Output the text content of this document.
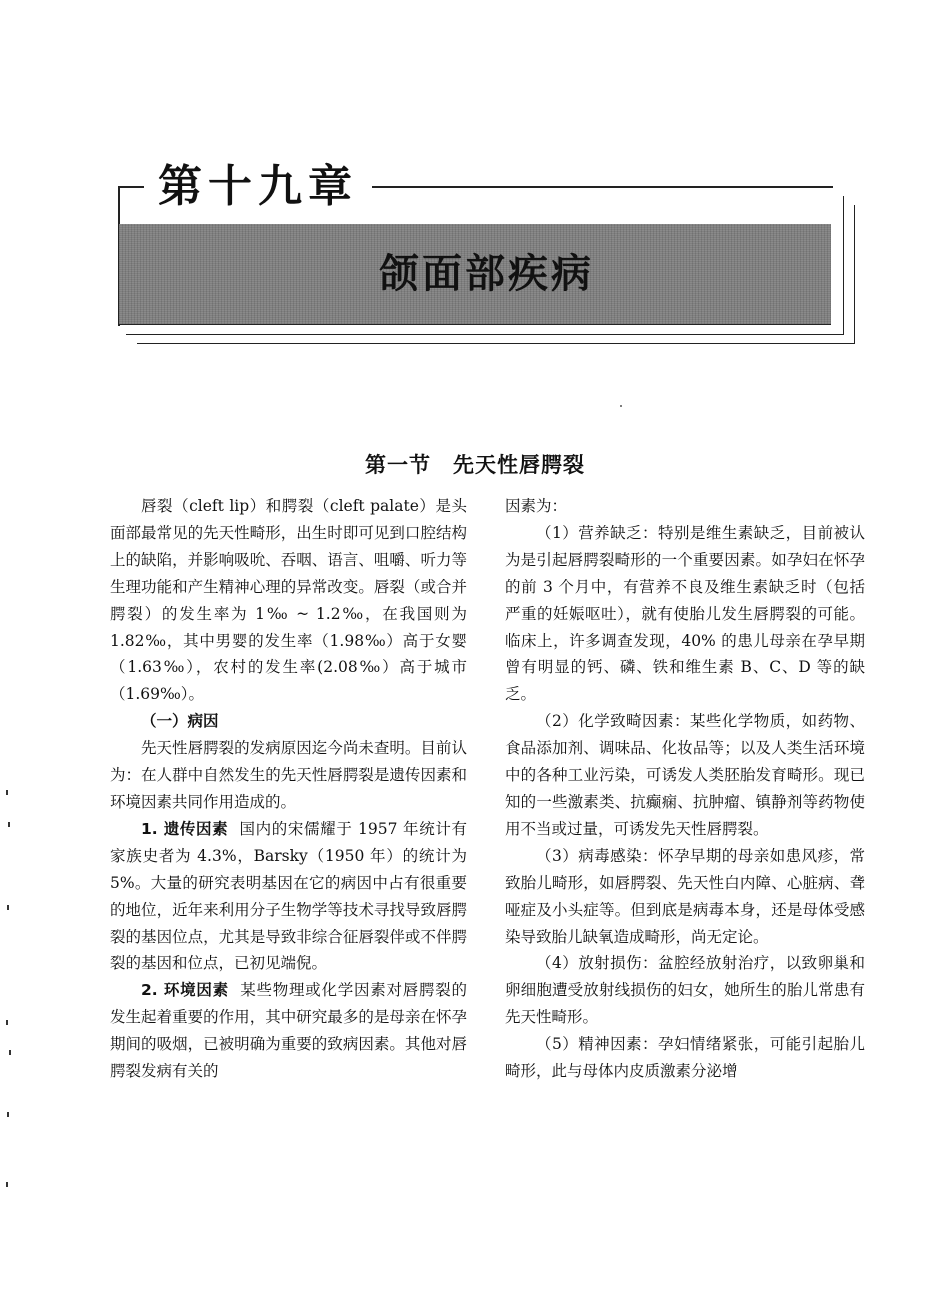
第十九章
颌面部疾病
第一节　先天性唇腭裂

唇裂（cleft lip）和腭裂（cleft palate）是头面部最常见的先天性畸形，出生时即可见到口腔结构上的缺陷，并影响吸吮、吞咽、语言、咀嚼、听力等生理功能和产生精神心理的异常改变。唇裂（或合并腭裂）的发生率为 1‰ ~ 1.2‰，在我国则为 1.82‰，其中男婴的发生率（1.98‰）高于女婴（1.63‰），农村的发生率(2.08‰）高于城市（1.69‰）。

（一）病因

先天性唇腭裂的发病原因迄今尚未查明。目前认为：在人群中自然发生的先天性唇腭裂是遗传因素和环境因素共同作用造成的。

1. 遗传因素 国内的宋儒耀于 1957 年统计有家族史者为 4.3%，Barsky（1950 年）的统计为 5%。大量的研究表明基因在它的病因中占有很重要的地位，近年来利用分子生物学等技术寻找导致唇腭裂的基因位点，尤其是导致非综合征唇裂伴或不伴腭裂的基因和位点，已初见端倪。

2. 环境因素 某些物理或化学因素对唇腭裂的发生起着重要的作用，其中研究最多的是母亲在怀孕期间的吸烟，已被明确为重要的致病因素。其他对唇腭裂发病有关的

因素为：

（1）营养缺乏：特别是维生素缺乏，目前被认为是引起唇腭裂畸形的一个重要因素。如孕妇在怀孕的前 3 个月中，有营养不良及维生素缺乏时（包括严重的妊娠呕吐），就有使胎儿发生唇腭裂的可能。临床上，许多调查发现，40% 的患儿母亲在孕早期曾有明显的钙、磷、铁和维生素 B、C、D 等的缺乏。

（2）化学致畸因素：某些化学物质，如药物、食品添加剂、调味品、化妆品等；以及人类生活环境中的各种工业污染，可诱发人类胚胎发育畸形。现已知的一些激素类、抗癫痫、抗肿瘤、镇静剂等药物使用不当或过量，可诱发先天性唇腭裂。

（3）病毒感染：怀孕早期的母亲如患风疹，常致胎儿畸形，如唇腭裂、先天性白内障、心脏病、聋哑症及小头症等。但到底是病毒本身，还是母体受感染导致胎儿缺氧造成畸形，尚无定论。

（4）放射损伤：盆腔经放射治疗，以致卵巢和卵细胞遭受放射线损伤的妇女，她所生的胎儿常患有先天性畸形。

（5）精神因素：孕妇情绪紧张，可能引起胎儿畸形，此与母体内皮质激素分泌增
